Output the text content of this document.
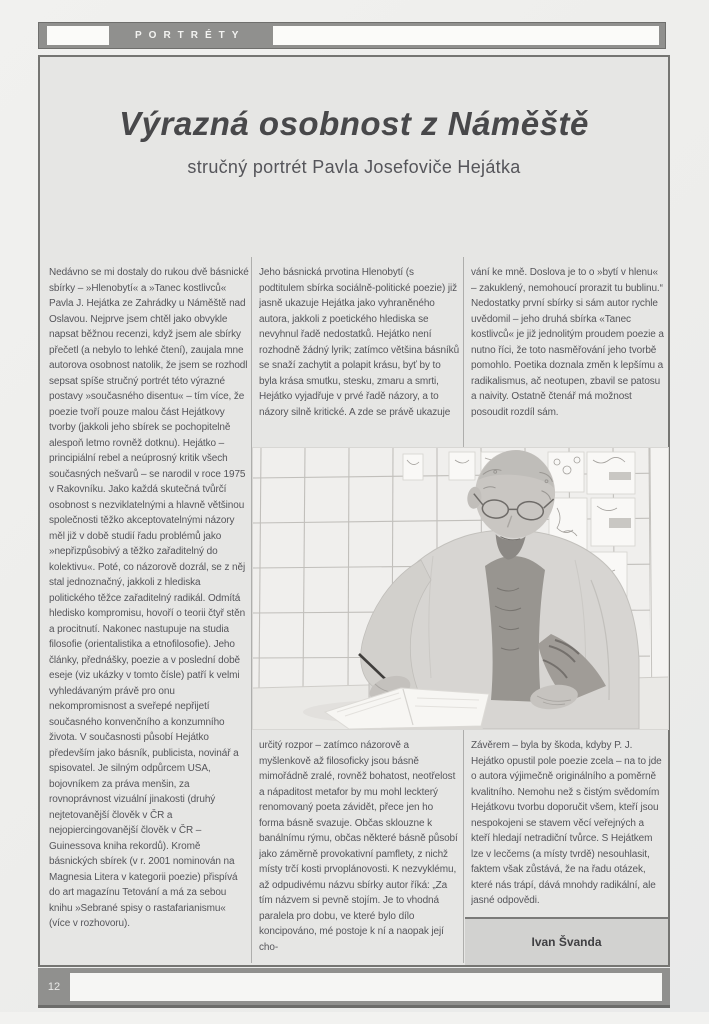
PORTRÉTY
Výrazná osobnost z Náměště
stručný portrét Pavla Josefoviče Hejátka
Nedávno se mi dostaly do rukou dvě básnické sbírky – »Hlenobytí« a »Tanec kostlivců« Pavla J. Hejátka ze Zahrádky u Náměště nad Oslavou. Nejprve jsem chtěl jako obvykle napsat běžnou recenzi, když jsem ale sbírky přečetl (a nebylo to lehké čtení), zaujala mne autorova osobnost natolik, že jsem se rozhodl sepsat spíše stručný portrét této výrazné postavy »současného disentu« – tím více, že poezie tvoří pouze malou část Hejátkovy tvorby (jakkoli jeho sbírek se pochopitelně alespoň letmo rovněž dotknu). Hejátko – principiální rebel a neúprosný kritik všech současných nešvarů – se narodil v roce 1975 v Rakovníku. Jako každá skutečná tvůrčí osobnost s nezviklatelnými a hlavně většinou společnosti těžko akceptovatelnými názory měl již v době studií řadu problémů jako »nepřizpůsobivý a těžko zařaditelný do kolektivu«. Poté, co názorově dozrál, se z něj stal jednoznačný, jakkoli z hlediska politického těžce zařaditelný radikál. Odmítá hledisko kompromisu, hovoří o teorii čtyř stěn a procitnutí. Nakonec nastupuje na studia filosofie (orientalistika a etnofilosofie). Jeho články, přednášky, poezie a v poslední době eseje (viz ukázky v tomto čísle) patří k velmi vyhledávaným právě pro onu nekompromisnost a sveřepé nepřijetí současného konvenčního a konzumního života. V současnosti působí Hejátko především jako básník, publicista, novinář a spisovatel. Je silným odpůrcem USA, bojovníkem za práva menšin, za rovnoprávnost vizuální jinakosti (druhý nejtetovanější člověk v ČR a nejopiercingovanější člověk v ČR – Guinessova kniha rekordů). Kromě básnických sbírek (v r. 2001 nominován na Magnesia Litera v kategorii poezie) přispívá do art magazínu Tetování a má za sebou knihu »Sebrané spisy o rastafarianismu« (více v rozhovoru).
Jeho básnická prvotina Hlenobytí (s podtitulem sbírka sociálně-politické poezie) již jasně ukazuje Hejátka jako vyhraněného autora, jakkoli z poetického hlediska se nevyhnul řadě nedostatků. Hejátko není rozhodně žádný lyrik; zatímco většina básníků se snaží zachytit a polapit krásu, byť by to byla krása smutku, stesku, zmaru a smrti, Hejátko vyjadřuje v prvé řadě názory, a to názory silně kritické. A zde se právě ukazuje
vání ke mně. Doslova je to o »bytí v hlenu« – zakuklený, nemohoucí prorazit tu bublinu.“ Nedostatky první sbírky si sám autor rychle uvědomil – jeho druhá sbírka «Tanec kostlivců« je již jednolitým proudem poezie a nutno říci, že toto nasměřování jeho tvorbě pomohlo. Poetika doznala změn k lepšímu a radikalismus, ač neotupen, zbavil se patosu a naivity. Ostatně čtenář má možnost posoudit rozdíl sám.
určitý rozpor – zatímco názorově a myšlenkově až filosoficky jsou básně mimořádně zralé, rovněž bohatost, neotřelost a nápaditost metafor by mu mohl leckterý renomovaný poeta závidět, přece jen ho forma básně svazuje. Občas sklouzne k banálnímu rýmu, občas některé básně působí jako záměrně provokativní pamflety, z nichž místy trčí kosti prvoplánovosti. K nezvyklému, až odpudivému názvu sbírky autor říká: „Za tím názvem si pevně stojím. Je to vhodná paralela pro dobu, ve které bylo dílo koncipováno, mé postoje k ní a naopak její cho-
Závěrem – byla by škoda, kdyby P. J. Hejátko opustil pole poezie zcela – na to jde o autora výjimečně originálního a poměrně kvalitního. Nemohu než s čistým svědomím Hejátkovu tvorbu doporučit všem, kteří jsou nespokojeni se stavem věcí veřejných a kteří hledají netradiční tvůrce. S Hejátkem lze v lecčems (a místy tvrdě) nesouhlasit, faktem však zůstává, že na řadu otázek, které nás trápí, dává mnohdy radikální, ale jasné odpovědi.
Ivan Švanda
12
